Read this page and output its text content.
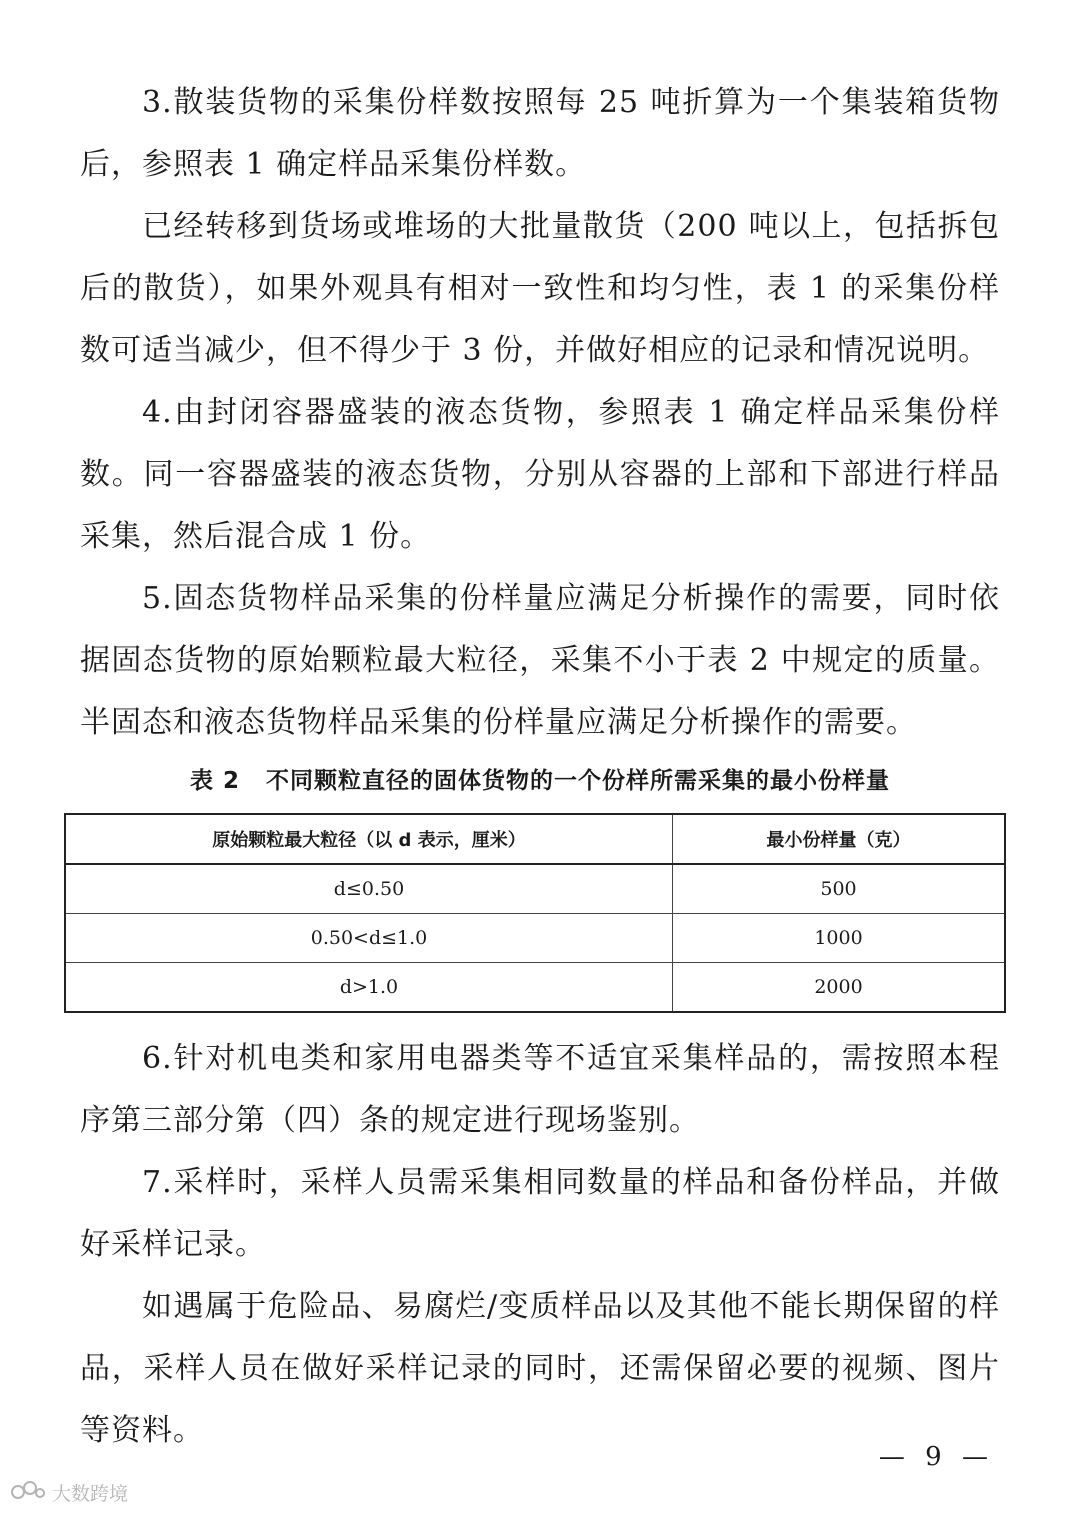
3.散装货物的采集份样数按照每 25 吨折算为一个集装箱货物后，参照表 1 确定样品采集份样数。

已经转移到货场或堆场的大批量散货（200 吨以上，包括拆包后的散货），如果外观具有相对一致性和均匀性，表 1 的采集份样数可适当减少，但不得少于 3 份，并做好相应的记录和情况说明。

4.由封闭容器盛装的液态货物，参照表 1 确定样品采集份样数。同一容器盛装的液态货物，分别从容器的上部和下部进行样品采集，然后混合成 1 份。

5.固态货物样品采集的份样量应满足分析操作的需要，同时依据固态货物的原始颗粒最大粒径，采集不小于表 2 中规定的质量。半固态和液态货物样品采集的份样量应满足分析操作的需要。

表 2 不同颗粒直径的固体货物的一个份样所需采集的最小份样量
原始颗粒最大粒径（以 d 表示，厘米）	最小份样量（克）
d≤0.50	500
0.50<d≤1.0	1000
d>1.0	2000

6.针对机电类和家用电器类等不适宜采集样品的，需按照本程序第三部分第（四）条的规定进行现场鉴别。

7.采样时，采样人员需采集相同数量的样品和备份样品，并做好采样记录。

如遇属于危险品、易腐烂/变质样品以及其他不能长期保留的样品，采样人员在做好采样记录的同时，还需保留必要的视频、图片等资料。

— 9 —
大数跨境
